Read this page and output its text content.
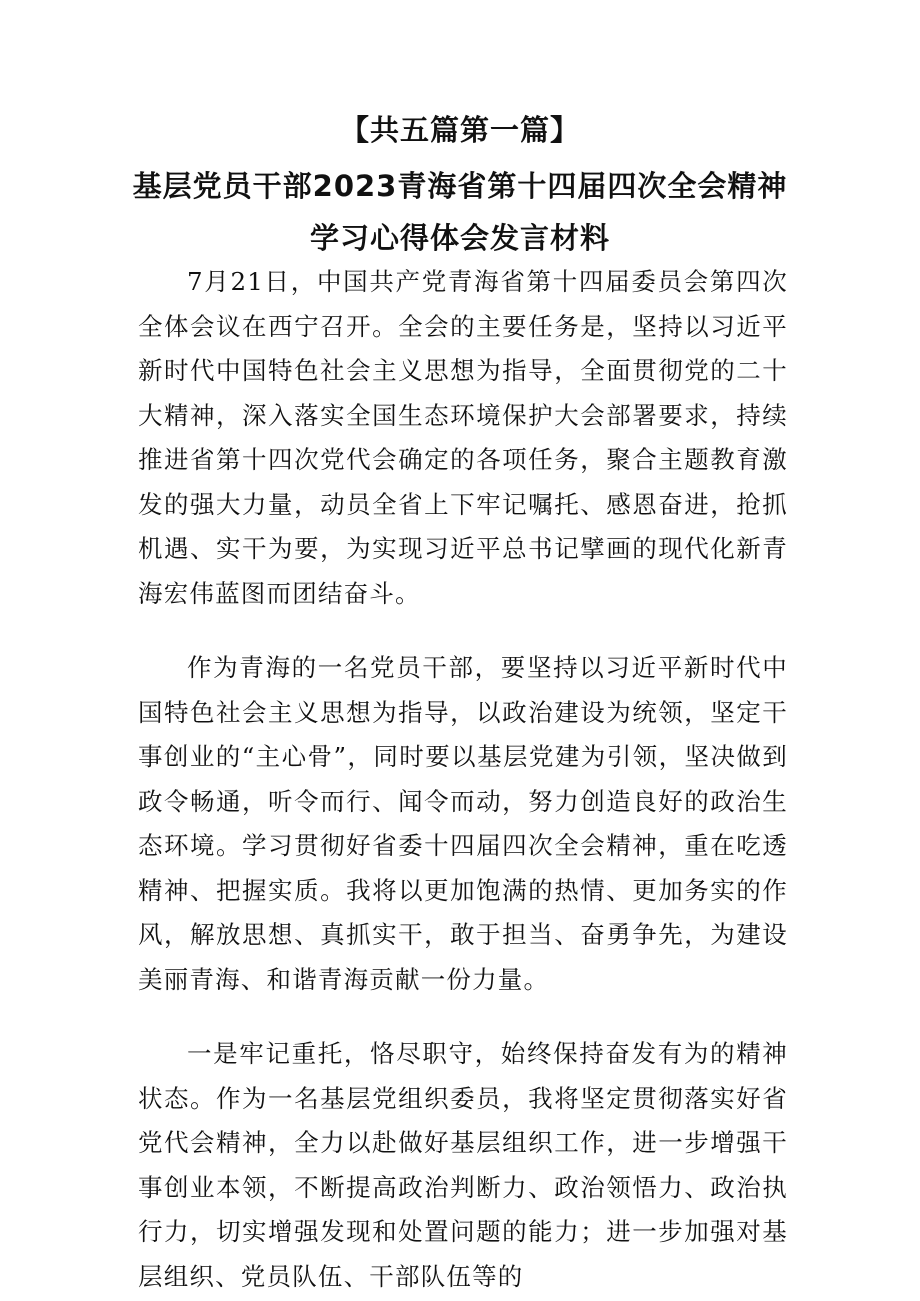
【共五篇第一篇】
基层党员干部2023青海省第十四届四次全会精神学习心得体会发言材料

7月21日，中国共产党青海省第十四届委员会第四次全体会议在西宁召开。全会的主要任务是，坚持以习近平新时代中国特色社会主义思想为指导，全面贯彻党的二十大精神，深入落实全国生态环境保护大会部署要求，持续推进省第十四次党代会确定的各项任务，聚合主题教育激发的强大力量，动员全省上下牢记嘱托、感恩奋进，抢抓机遇、实干为要，为实现习近平总书记擘画的现代化新青海宏伟蓝图而团结奋斗。

作为青海的一名党员干部，要坚持以习近平新时代中国特色社会主义思想为指导，以政治建设为统领，坚定干事创业的“主心骨”，同时要以基层党建为引领，坚决做到政令畅通，听令而行、闻令而动，努力创造良好的政治生态环境。学习贯彻好省委十四届四次全会精神，重在吃透精神、把握实质。我将以更加饱满的热情、更加务实的作风，解放思想、真抓实干，敢于担当、奋勇争先，为建设美丽青海、和谐青海贡献一份力量。

一是牢记重托，恪尽职守，始终保持奋发有为的精神状态。作为一名基层党组织委员，我将坚定贯彻落实好省党代会精神，全力以赴做好基层组织工作，进一步增强干事创业本领，不断提高政治判断力、政治领悟力、政治执行力，切实增强发现和处置问题的能力；进一步加强对基层组织、党员队伍、干部队伍等的
